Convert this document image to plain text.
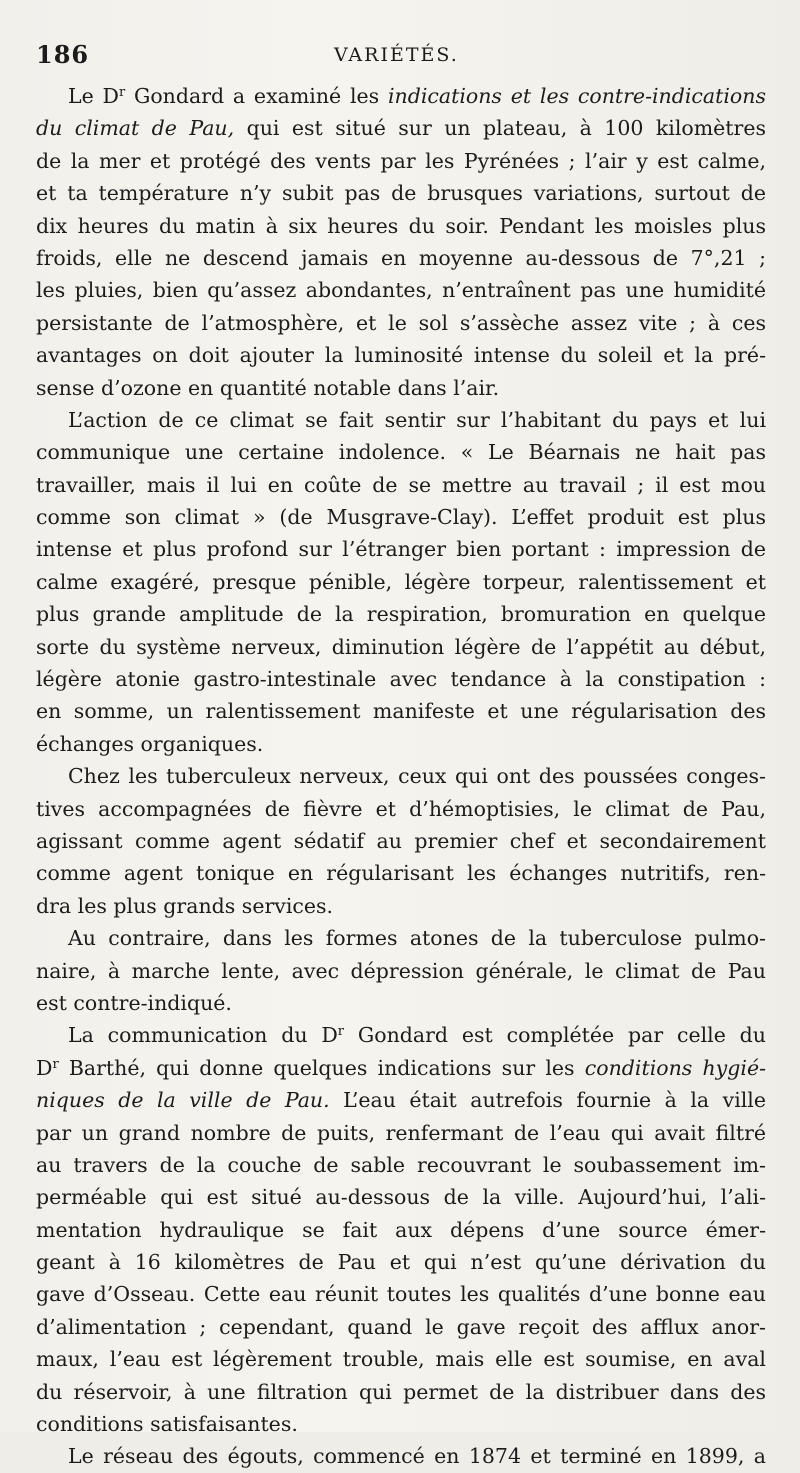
186	VARIÉTÉS.
Le $D^r$ Gondard a examiné les indications et les contre-indications
du climat de Pau, qui est situé sur un plateau, à 100 kilomètres
de la mer et protégé des vents par les Pyrénées ; l’air y est calme,
et ta température n’y subit pas de brusques variations, surtout de
dix heures du matin à six heures du soir. Pendant les moisles plus
froids, elle ne descend jamais en moyenne au-dessous de 7°,21 ;
les pluies, bien qu’assez abondantes, n’entraînent pas une humidité
persistante de l’atmosphère, et le sol s’assèche assez vite ; à ces
avantages on doit ajouter la luminosité intense du soleil et la pré-
sense d’ozone en quantité notable dans l’air.
L’action de ce climat se fait sentir sur l’habitant du pays et lui
communique une certaine indolence. « Le Béarnais ne hait pas
travailler, mais il lui en coûte de se mettre au travail ; il est mou
comme son climat » (de Musgrave-Clay). L’effet produit est plus
intense et plus profond sur l’étranger bien portant : impression de
calme exagéré, presque pénible, légère torpeur, ralentissement et
plus grande amplitude de la respiration, bromuration en quelque
sorte du système nerveux, diminution légère de l’appétit au début,
légère atonie gastro-intestinale avec tendance à la constipation :
en somme, un ralentissement manifeste et une régularisation des
échanges organiques.
Chez les tuberculeux nerveux, ceux qui ont des poussées conges-
tives accompagnées de fièvre et d’hémoptisies, le climat de Pau,
agissant comme agent sédatif au premier chef et secondairement
comme agent tonique en régularisant les échanges nutritifs, ren-
dra les plus grands services.
Au contraire, dans les formes atones de la tuberculose pulmo-
naire, à marche lente, avec dépression générale, le climat de Pau
est contre-indiqué.
La communication du $D^r$ Gondard est complétée par celle du
$D^r$ Barthé, qui donne quelques indications sur les conditions hygié-
niques de la ville de Pau. L’eau était autrefois fournie à la ville
par un grand nombre de puits, renfermant de l’eau qui avait filtré
au travers de la couche de sable recouvrant le soubassement im-
perméable qui est situé au-dessous de la ville. Aujourd’hui, l’ali-
mentation hydraulique se fait aux dépens d’une source émer-
geant à 16 kilomètres de Pau et qui n’est qu’une dérivation du
gave d’Osseau. Cette eau réunit toutes les qualités d’une bonne eau
d’alimentation ; cependant, quand le gave reçoit des afflux anor-
maux, l’eau est légèrement trouble, mais elle est soumise, en aval
du réservoir, à une filtration qui permet de la distribuer dans des
conditions satisfaisantes.
Le réseau des égouts, commencé en 1874 et terminé en 1899, a
